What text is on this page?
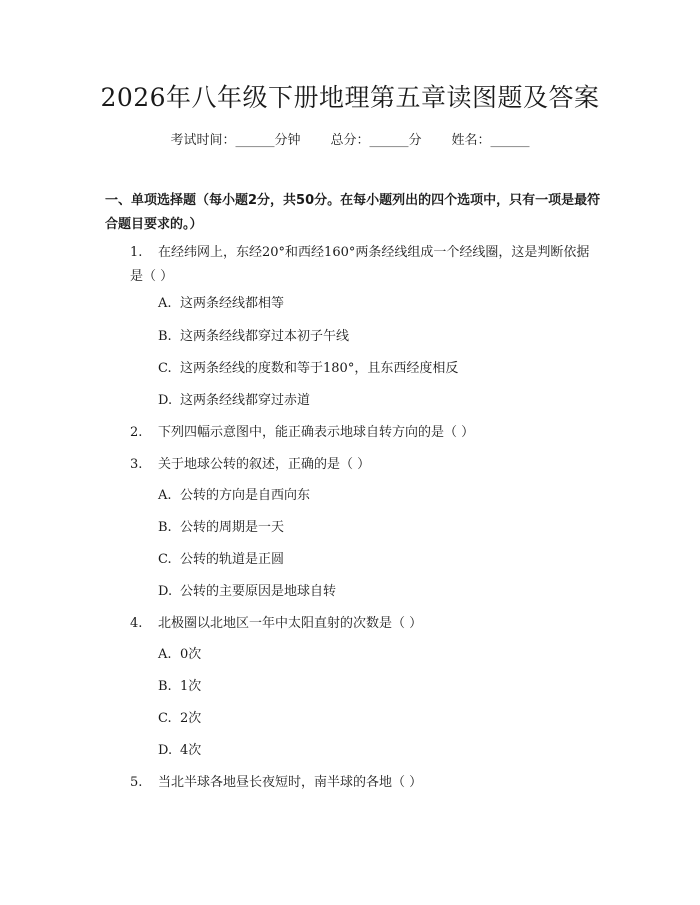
2026年八年级下册地理第五章读图题及答案
考试时间：______分钟 总分：______分 姓名：______
一、单项选择题（每小题2分，共50分。在每小题列出的四个选项中，只有一项是最符合题目要求的。）
1. 在经纬网上，东经20°和西经160°两条经线组成一个经线圈，这是判断依据是（ ）
A. 这两条经线都相等
B. 这两条经线都穿过本初子午线
C. 这两条经线的度数和等于180°，且东西经度相反
D. 这两条经线都穿过赤道
2. 下列四幅示意图中，能正确表示地球自转方向的是（ ）
3. 关于地球公转的叙述，正确的是（ ）
A. 公转的方向是自西向东
B. 公转的周期是一天
C. 公转的轨道是正圆
D. 公转的主要原因是地球自转
4. 北极圈以北地区一年中太阳直射的次数是（ ）
A. 0次
B. 1次
C. 2次
D. 4次
5. 当北半球各地昼长夜短时，南半球的各地（ ）
